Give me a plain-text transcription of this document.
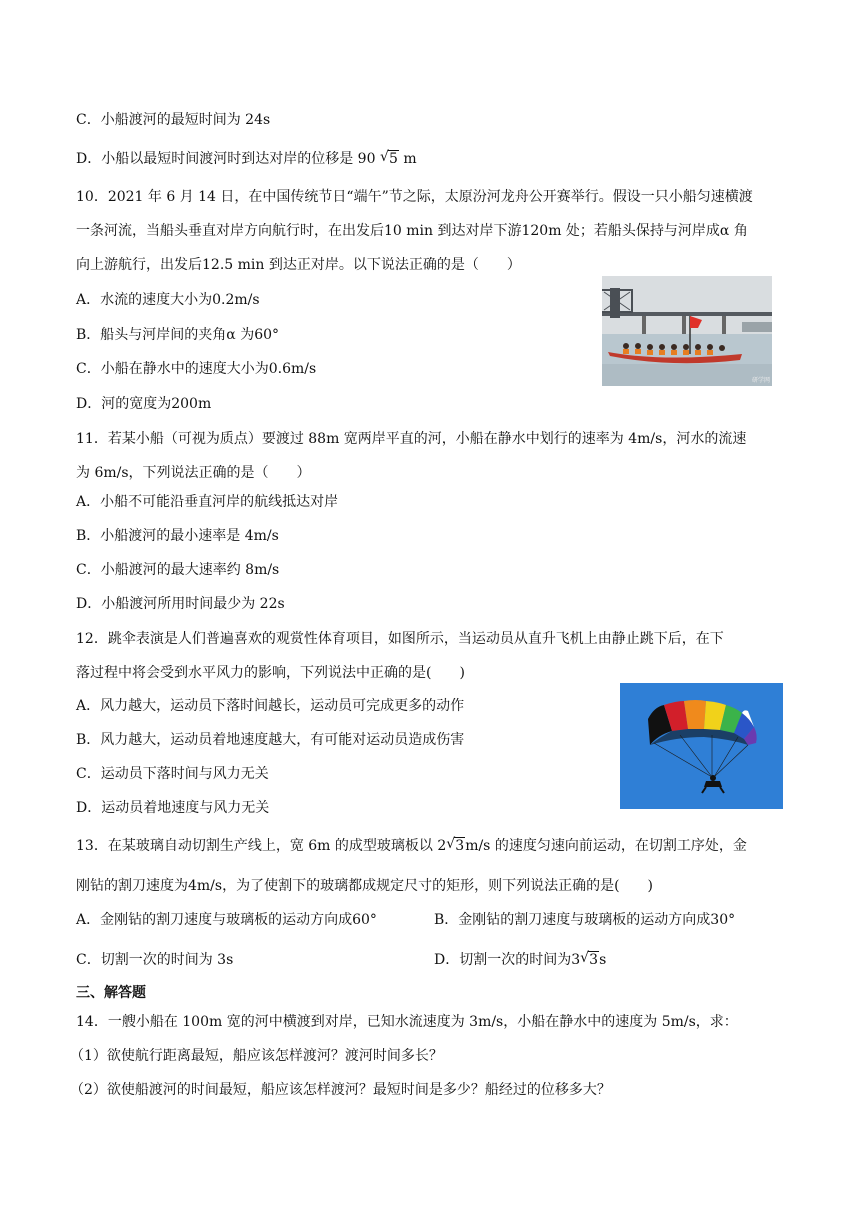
C．小船渡河的最短时间为 24s
D．小船以最短时间渡河时到达对岸的位移是 90 √ 5 m
10．2021 年 6 月 14 日，在中国传统节日“端午”节之际，太原汾河龙舟公开赛举行。假设一只小船匀速横渡
一条河流，当船头垂直对岸方向航行时，在出发后10 min 到达对岸下游120m 处；若船头保持与河岸成α 角
向上游航行，出发后12.5 min 到达正对岸。以下说法正确的是（　　）
A．水流的速度大小为0.2m/s
B．船头与河岸间的夹角α 为60°
C．小船在静水中的速度大小为0.6m/s
D．河的宽度为200m
研学网
11．若某小船（可视为质点）要渡过 88m 宽两岸平直的河，小船在静水中划行的速率为 4m/s，河水的流速
为 6m/s，下列说法正确的是（　　）
A．小船不可能沿垂直河岸的航线抵达对岸
B．小船渡河的最小速率是 4m/s
C．小船渡河的最大速率约 8m/s
D．小船渡河所用时间最少为 22s
12．跳伞表演是人们普遍喜欢的观赏性体育项目，如图所示，当运动员从直升飞机上由静止跳下后，在下
落过程中将会受到水平风力的影响，下列说法中正确的是(　　)
A．风力越大，运动员下落时间越长，运动员可完成更多的动作
B．风力越大，运动员着地速度越大，有可能对运动员造成伤害
C．运动员下落时间与风力无关
D．运动员着地速度与风力无关
13．在某玻璃自动切割生产线上，宽 6m 的成型玻璃板以 2 √ 3m/s 的速度匀速向前运动，在切割工序处，金
刚钻的割刀速度为4m/s，为了使割下的玻璃都成规定尺寸的矩形，则下列说法正确的是(　　)
A．金刚钻的割刀速度与玻璃板的运动方向成60°	B．金刚钻的割刀速度与玻璃板的运动方向成30°
C．切割一次的时间为 3s	D．切割一次的时间为3 √ 3s
三、解答题
14．一艘小船在 100m 宽的河中横渡到对岸，已知水流速度为 3m/s，小船在静水中的速度为 5m/s，求：
（1）欲使航行距离最短，船应该怎样渡河？渡河时间多长？
（2）欲使船渡河的时间最短，船应该怎样渡河？最短时间是多少？船经过的位移多大？
